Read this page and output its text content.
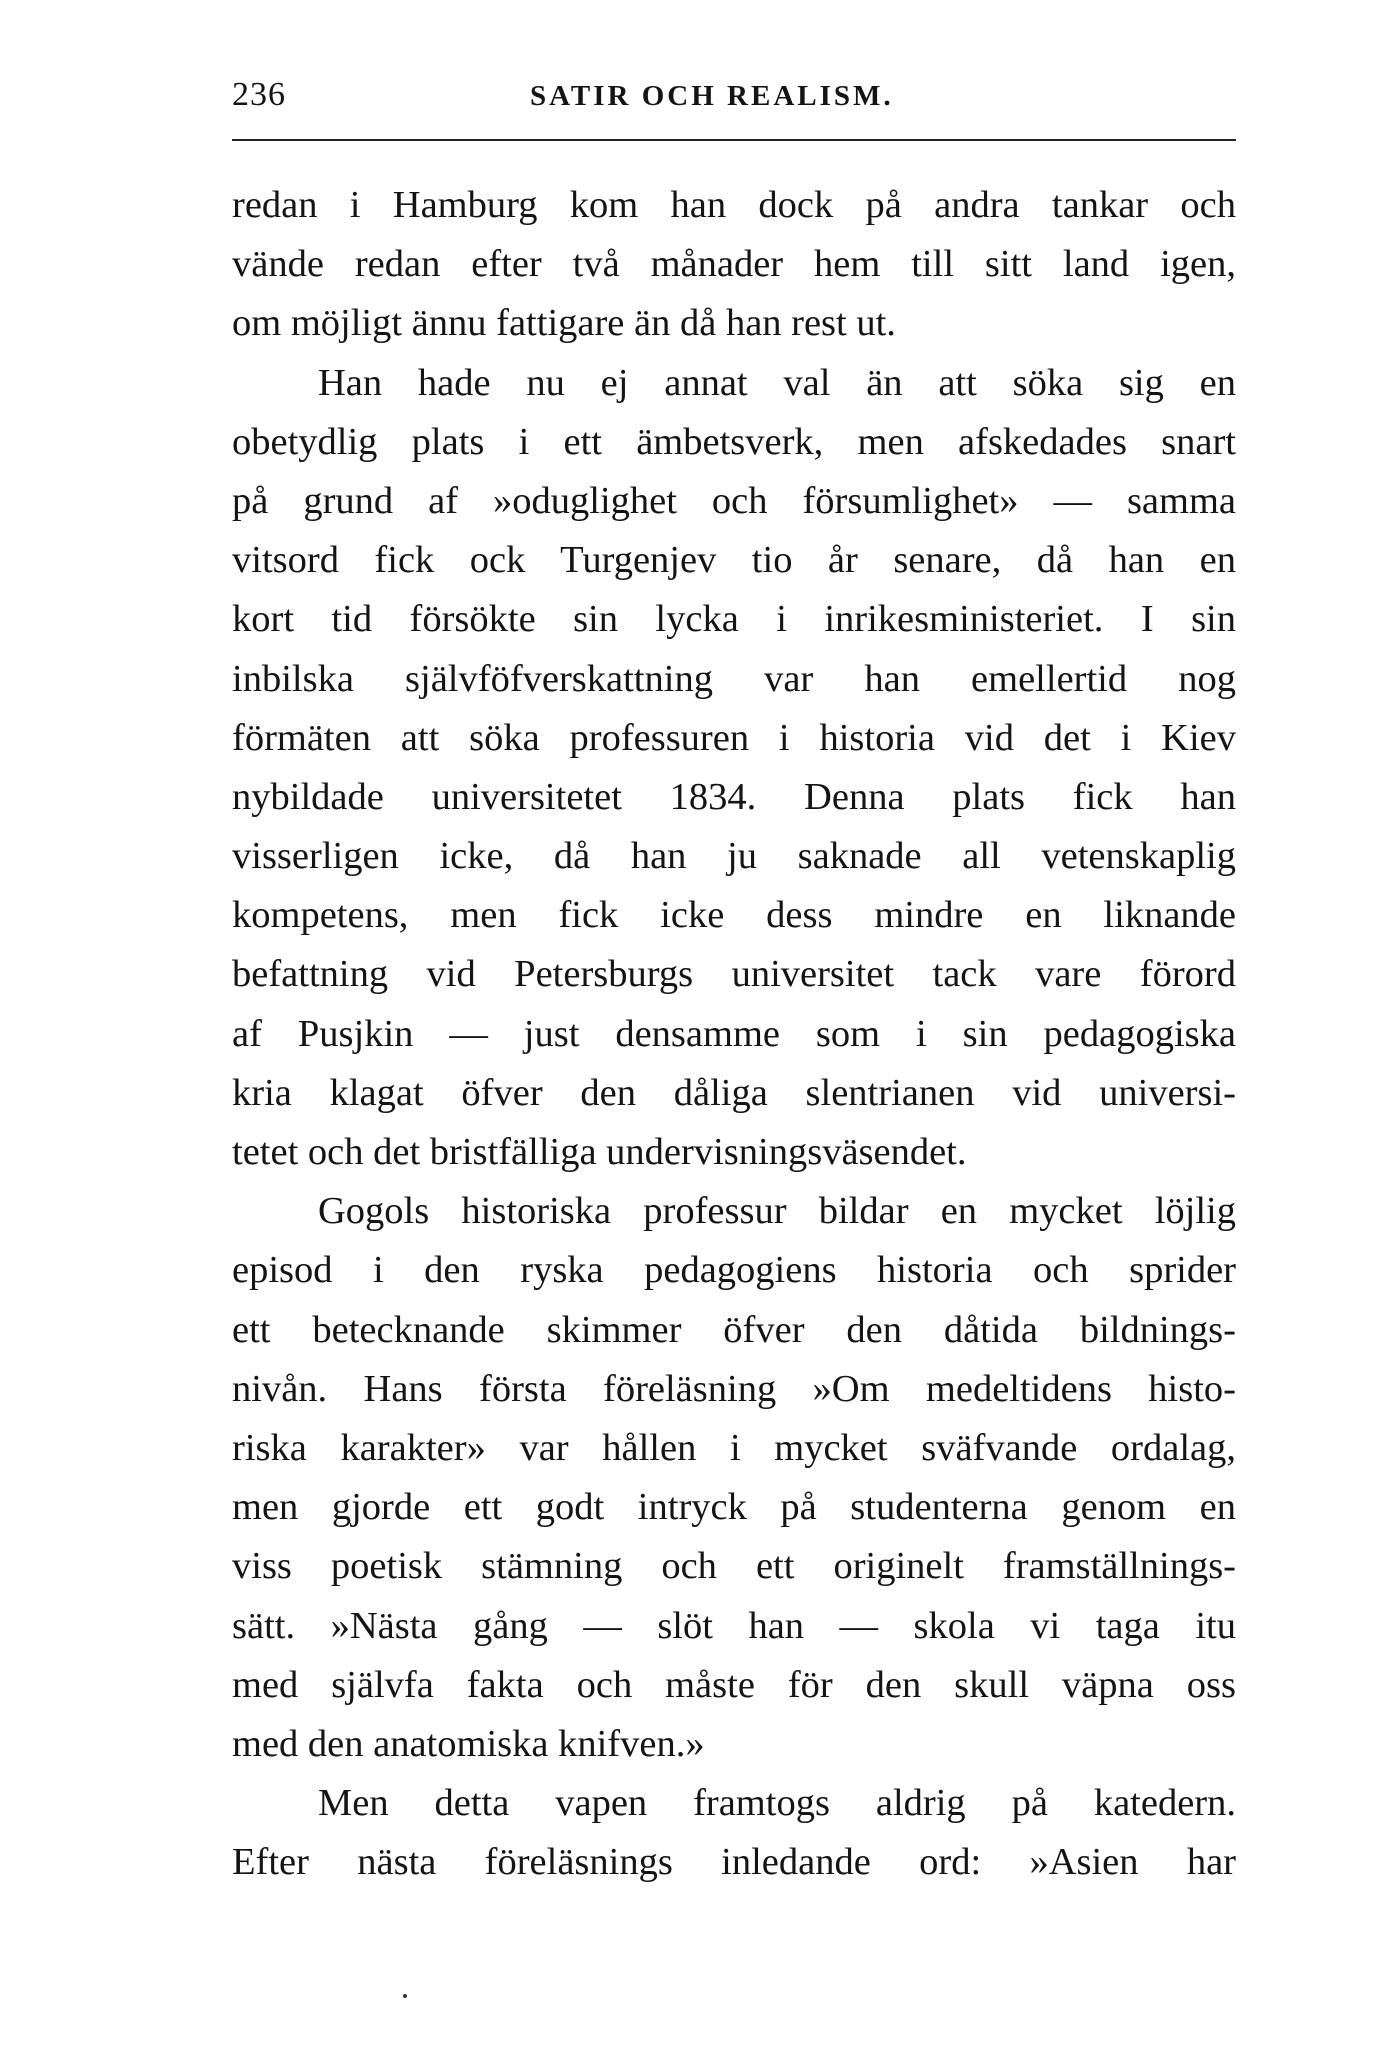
236	SATIR OCH REALISM.
redan i Hamburg kom han dock på andra tankar och
vände redan efter två månader hem till sitt land igen,
om möjligt ännu fattigare än då han rest ut.
Han hade nu ej annat val än att söka sig en
obetydlig plats i ett ämbetsverk, men afskedades snart
på grund af »oduglighet och försumlighet» — samma
vitsord fick ock Turgenjev tio år senare, då han en
kort tid försökte sin lycka i inrikesministeriet. I sin
inbilska självföfverskattning var han emellertid nog
förmäten att söka professuren i historia vid det i Kiev
nybildade universitetet 1834. Denna plats fick han
visserligen icke, då han ju saknade all vetenskaplig
kompetens, men fick icke dess mindre en liknande
befattning vid Petersburgs universitet tack vare förord
af Pusjkin — just densamme som i sin pedagogiska
kria klagat öfver den dåliga slentrianen vid universi-
tetet och det bristfälliga undervisningsväsendet.
Gogols historiska professur bildar en mycket löjlig
episod i den ryska pedagogiens historia och sprider
ett betecknande skimmer öfver den dåtida bildnings-
nivån. Hans första föreläsning »Om medeltidens histo-
riska karakter» var hållen i mycket sväfvande ordalag,
men gjorde ett godt intryck på studenterna genom en
viss poetisk stämning och ett originelt framställnings-
sätt. »Nästa gång — slöt han — skola vi taga itu
med självfa fakta och måste för den skull väpna oss
med den anatomiska knifven.»
Men detta vapen framtogs aldrig på katedern.
Efter nästa föreläsnings inledande ord: »Asien har
